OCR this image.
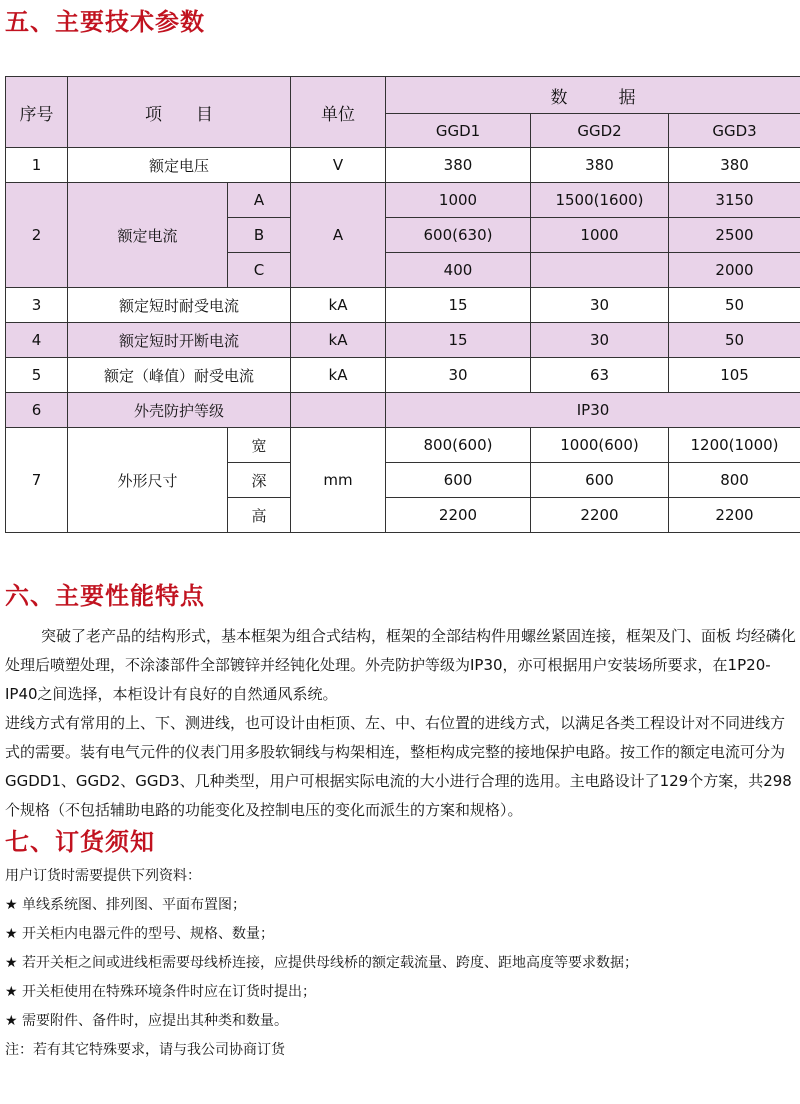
五、主要技术参数
序号	项　　目		单位	数　　　据		
				GGD1	GGD2	GGD3
1	额定电压		V	380	380	380
2	额定电流	A	A	1000	1500(1600)	3150
		B		600(630)	1000	2500
		C		400		2000
3	额定短时耐受电流		kA	15	30	50
4	额定短时开断电流		kA	15	30	50
5	额定（峰值）耐受电流		kA	30	63	105
6	外壳防护等级			IP30		
7	外形尺寸	宽	mm	800(600)	1000(600)	1200(1000)
		深		600	600	800
		高		2200	2200	2200
六、主要性能特点

突破了老产品的结构形式，基本框架为组合式结构，框架的全部结构件用螺丝紧固连接，框架及门、面板 均经磷化处理后喷塑处理，不涂漆部件全部镀锌并经钝化处理。外壳防护等级为IP30，亦可根据用户安装场所要求，在1P20-IP40之间选择，本柜设计有良好的自然通风系统。

进线方式有常用的上、下、测进线，也可设计由柜顶、左、中、右位置的进线方式，以满足各类工程设计对不同进线方式的需要。装有电气元件的仪表门用多股软铜线与构架相连，整柜构成完整的接地保护电路。按工作的额定电流可分为GGDD1、GGD2、GGD3、几种类型，用户可根据实际电流的大小进行合理的选用。主电路设计了129个方案，共298个规格（不包括辅助电路的功能变化及控制电压的变化而派生的方案和规格）。

七、订货须知
用户订货时需要提供下列资料：
★ 单线系统图、排列图、平面布置图；
★ 开关柜内电器元件的型号、规格、数量；
★ 若开关柜之间或进线柜需要母线桥连接，应提供母线桥的额定载流量、跨度、距地高度等要求数据；
★ 开关柜使用在特殊环境条件时应在订货时提出；
★ 需要附件、备件时，应提出其种类和数量。
注：若有其它特殊要求，请与我公司协商订货
